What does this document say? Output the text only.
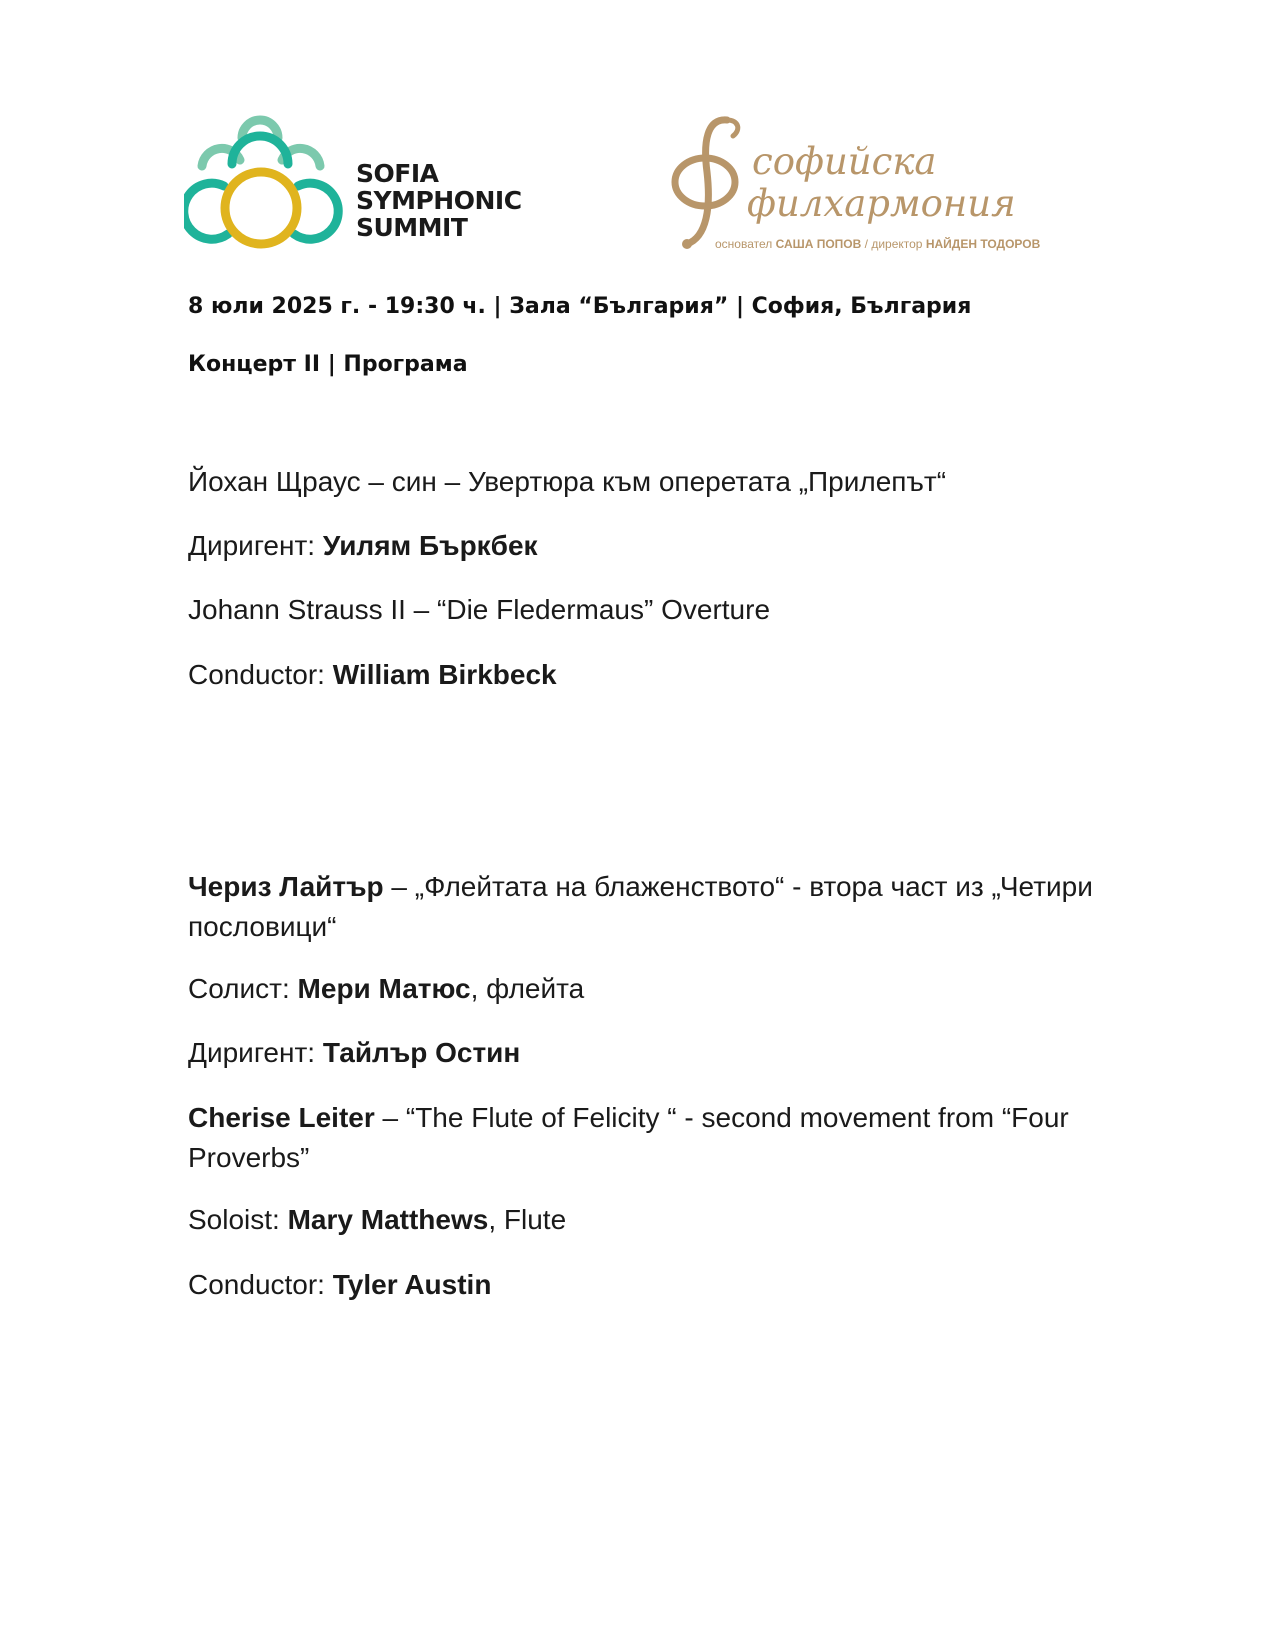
SOFIA
SYMPHONIC
SUMMIT
софийска
филхармония
основател САША ПОПОВ / директор НАЙДЕН ТОДОРОВ
8 юли 2025 г. - 19:30 ч. | Зала “България” | София, България
Концерт II | Програма
Йохан Щраус – син – Увертюра към оперетата „Прилепът“
Диригент: Уилям Бъркбек
Johann Strauss II – “Die Fledermaus” Overture
Conductor: William Birkbeck
Чериз Лайтър – „Флейтата на блаженството“ - втора част из „Четири пословици“
Солист: Мери Матюс, флейта
Диригент: Тайлър Остин
Cherise Leiter – “The Flute of Felicity “ - second movement from “Four Proverbs”
Soloist: Mary Matthews, Flute
Conductor: Tyler Austin
